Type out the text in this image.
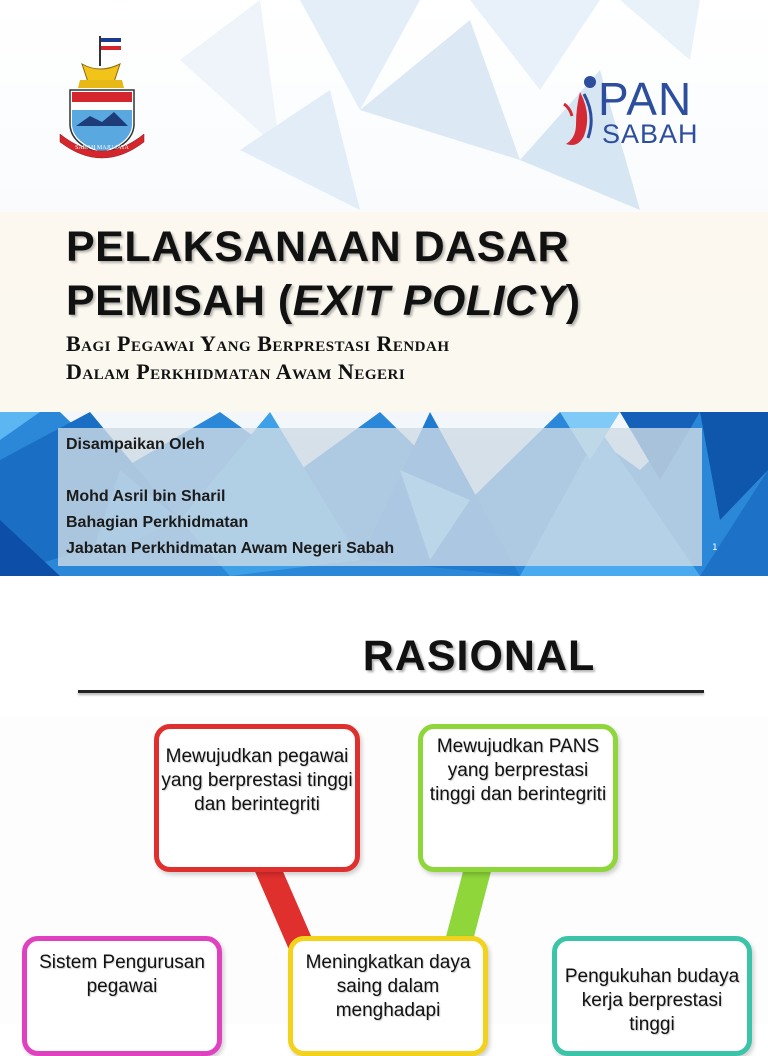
SABAH MAJU JAYA
PAN
SABAH
PELAKSANAAN DASAR
PEMISAH (EXIT POLICY)
Bagi Pegawai Yang Berprestasi Rendah
Dalam Perkhidmatan Awam Negeri
Disampaikan Oleh
Mohd Asril bin Sharil
Bahagian Perkhidmatan
Jabatan Perkhidmatan Awam Negeri Sabah	1
RASIONAL
Mewujudkan pegawai yang berprestasi tinggi dan berintegriti
Mewujudkan PANS yang berprestasi tinggi dan berintegriti
Sistem Pengurusan pegawai
Meningkatkan daya saing dalam menghadapi
Pengukuhan budaya kerja berprestasi tinggi
